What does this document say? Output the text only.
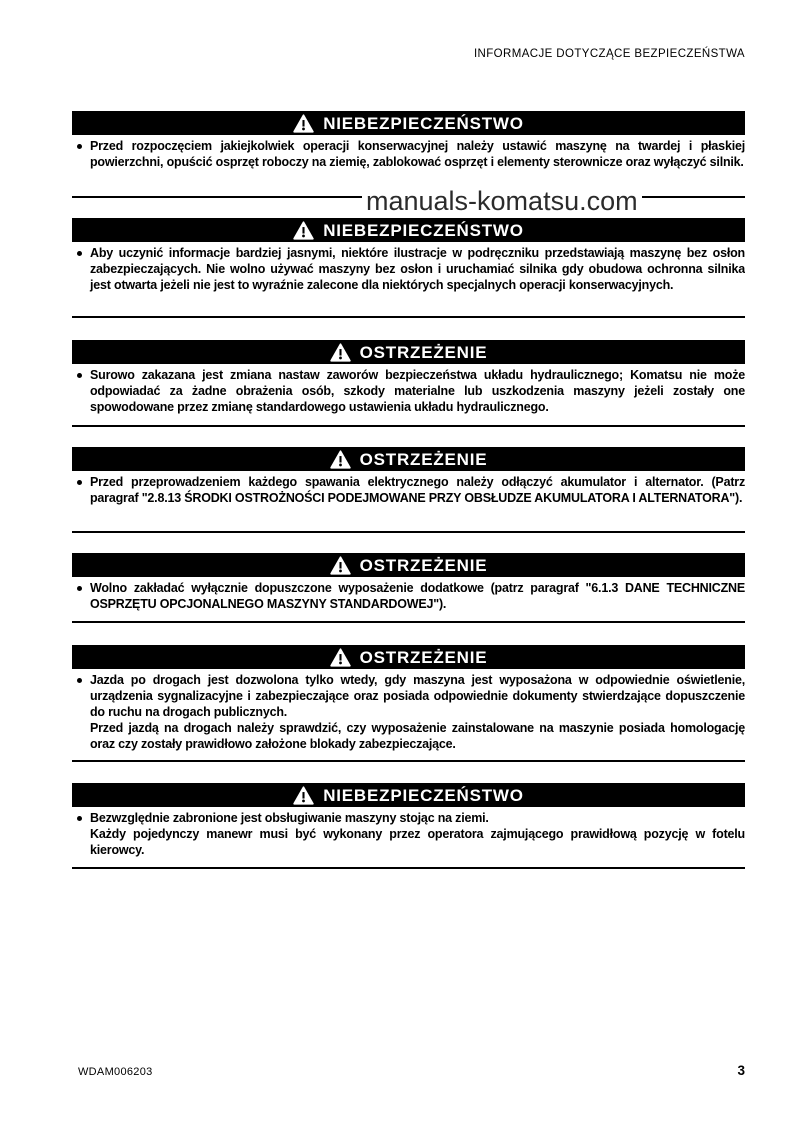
INFORMACJE DOTYCZĄCE BEZPIECZEŃSTWA
manuals-komatsu.com
NIEBEZPIECZEŃSTWO

Przed rozpoczęciem jakiejkolwiek operacji konserwacyjnej należy ustawić maszynę na twardej i płaskiej powierzchni, opuścić osprzęt roboczy na ziemię, zablokować osprzęt i elementy sterownicze oraz wyłączyć silnik.

NIEBEZPIECZEŃSTWO

Aby uczynić informacje bardziej jasnymi, niektóre ilustracje w podręczniku przedstawiają maszynę bez osłon zabezpieczających. Nie wolno używać maszyny bez osłon i uruchamiać silnika gdy obudowa ochronna silnika jest otwarta jeżeli nie jest to wyraźnie zalecone dla niektórych specjalnych operacji konserwacyjnych.

OSTRZEŻENIE

Surowo zakazana jest zmiana nastaw zaworów bezpieczeństwa układu hydraulicznego; Komatsu nie może odpowiadać za żadne obrażenia osób, szkody materialne lub uszkodzenia maszyny jeżeli zostały one spowodowane przez zmianę standardowego ustawienia układu hydraulicznego.

OSTRZEŻENIE

Przed przeprowadzeniem każdego spawania elektrycznego należy odłączyć akumulator i alternator. (Patrz paragraf "2.8.13 ŚRODKI OSTROŻNOŚCI PODEJMOWANE PRZY OBSŁUDZE AKUMULATORA I ALTERNATORA").

OSTRZEŻENIE

Wolno zakładać wyłącznie dopuszczone wyposażenie dodatkowe (patrz paragraf "6.1.3 DANE TECHNICZNE OSPRZĘTU OPCJONALNEGO MASZYNY STANDARDOWEJ").

OSTRZEŻENIE

Jazda po drogach jest dozwolona tylko wtedy, gdy maszyna jest wyposażona w odpowiednie oświetlenie, urządzenia sygnalizacyjne i zabezpieczające oraz posiada odpowiednie dokumenty stwierdzające dopuszczenie do ruchu na drogach publicznych.

Przed jazdą na drogach należy sprawdzić, czy wyposażenie zainstalowane na maszynie posiada homologację oraz czy zostały prawidłowo założone blokady zabezpieczające.

NIEBEZPIECZEŃSTWO

Bezwzględnie zabronione jest obsługiwanie maszyny stojąc na ziemi.

Każdy pojedynczy manewr musi być wykonany przez operatora zajmującego prawidłową pozycję w fotelu kierowcy.

WDAM006203	3
